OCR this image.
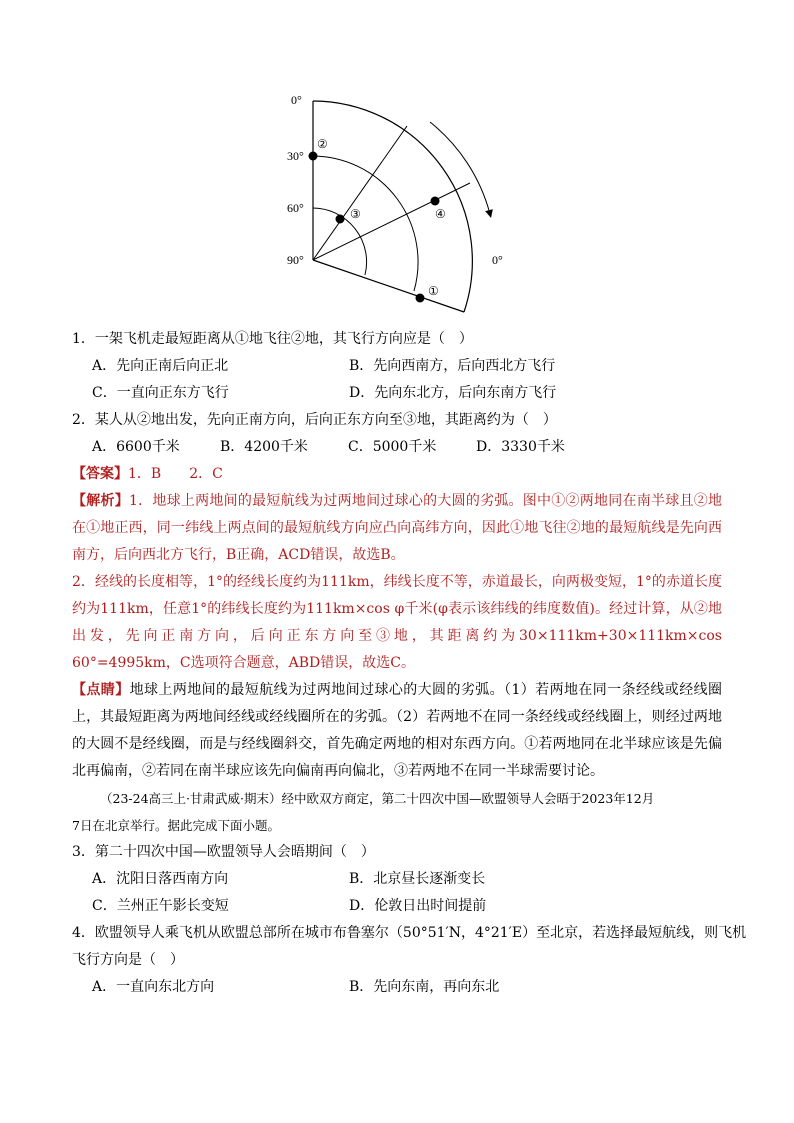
0°
30°
60°
90°	0°
②
③	④
①
1．一架飞机走最短距离从①地飞往②地，其飞行方向应是（　）
A．先向正南后向正北	B．先向西南方，后向西北方飞行
C．一直向正东方飞行	D．先向东北方，后向东南方飞行
2．某人从②地出发，先向正南方向，后向正东方向至③地，其距离约为（　）
A．6600千米	B．4200千米	C．5000千米	D．3330千米
【答案】1．B　　2．C
【解析】1．地球上两地间的最短航线为过两地间过球心的大圆的劣弧。图中①②两地同在南半球且②地在①地正西，同一纬线上两点间的最短航线方向应凸向高纬方向，因此①地飞往②地的最短航线是先向西南方，后向西北方飞行，B正确，ACD错误，故选B。
2．经线的长度相等，1°的经线长度约为111km，纬线长度不等，赤道最长，向两极变短，1°的赤道长度约为111km，任意1°的纬线长度约为111km×cos φ千米(φ表示该纬线的纬度数值)。经过计算，从②地出发，先向正南方向，后向正东方向至③地，其距离约为30×111km+30×111km×cos 60°=4995km，C选项符合题意，ABD错误，故选C。
【点睛】地球上两地间的最短航线为过两地间过球心的大圆的劣弧。（1）若两地在同一条经线或经线圈上，其最短距离为两地间经线或经线圈所在的劣弧。（2）若两地不在同一条经线或经线圈上，则经过两地的大圆不是经线圈，而是与经线圈斜交，首先确定两地的相对东西方向。①若两地同在北半球应该是先偏北再偏南，②若同在南半球应该先向偏南再向偏北，③若两地不在同一半球需要讨论。
（23-24高三上·甘肃武威·期末）经中欧双方商定，第二十四次中国—欧盟领导人会晤于2023年12月
7日在北京举行。据此完成下面小题。
3．第二十四次中国—欧盟领导人会晤期间（　）
A．沈阳日落西南方向	B．北京昼长逐渐变长
C．兰州正午影长变短	D．伦敦日出时间提前
4．欧盟领导人乘飞机从欧盟总部所在城市布鲁塞尔（50°51′N，4°21′E）至北京，若选择最短航线，则飞机
飞行方向是（　）
A．一直向东北方向	B．先向东南，再向东北
